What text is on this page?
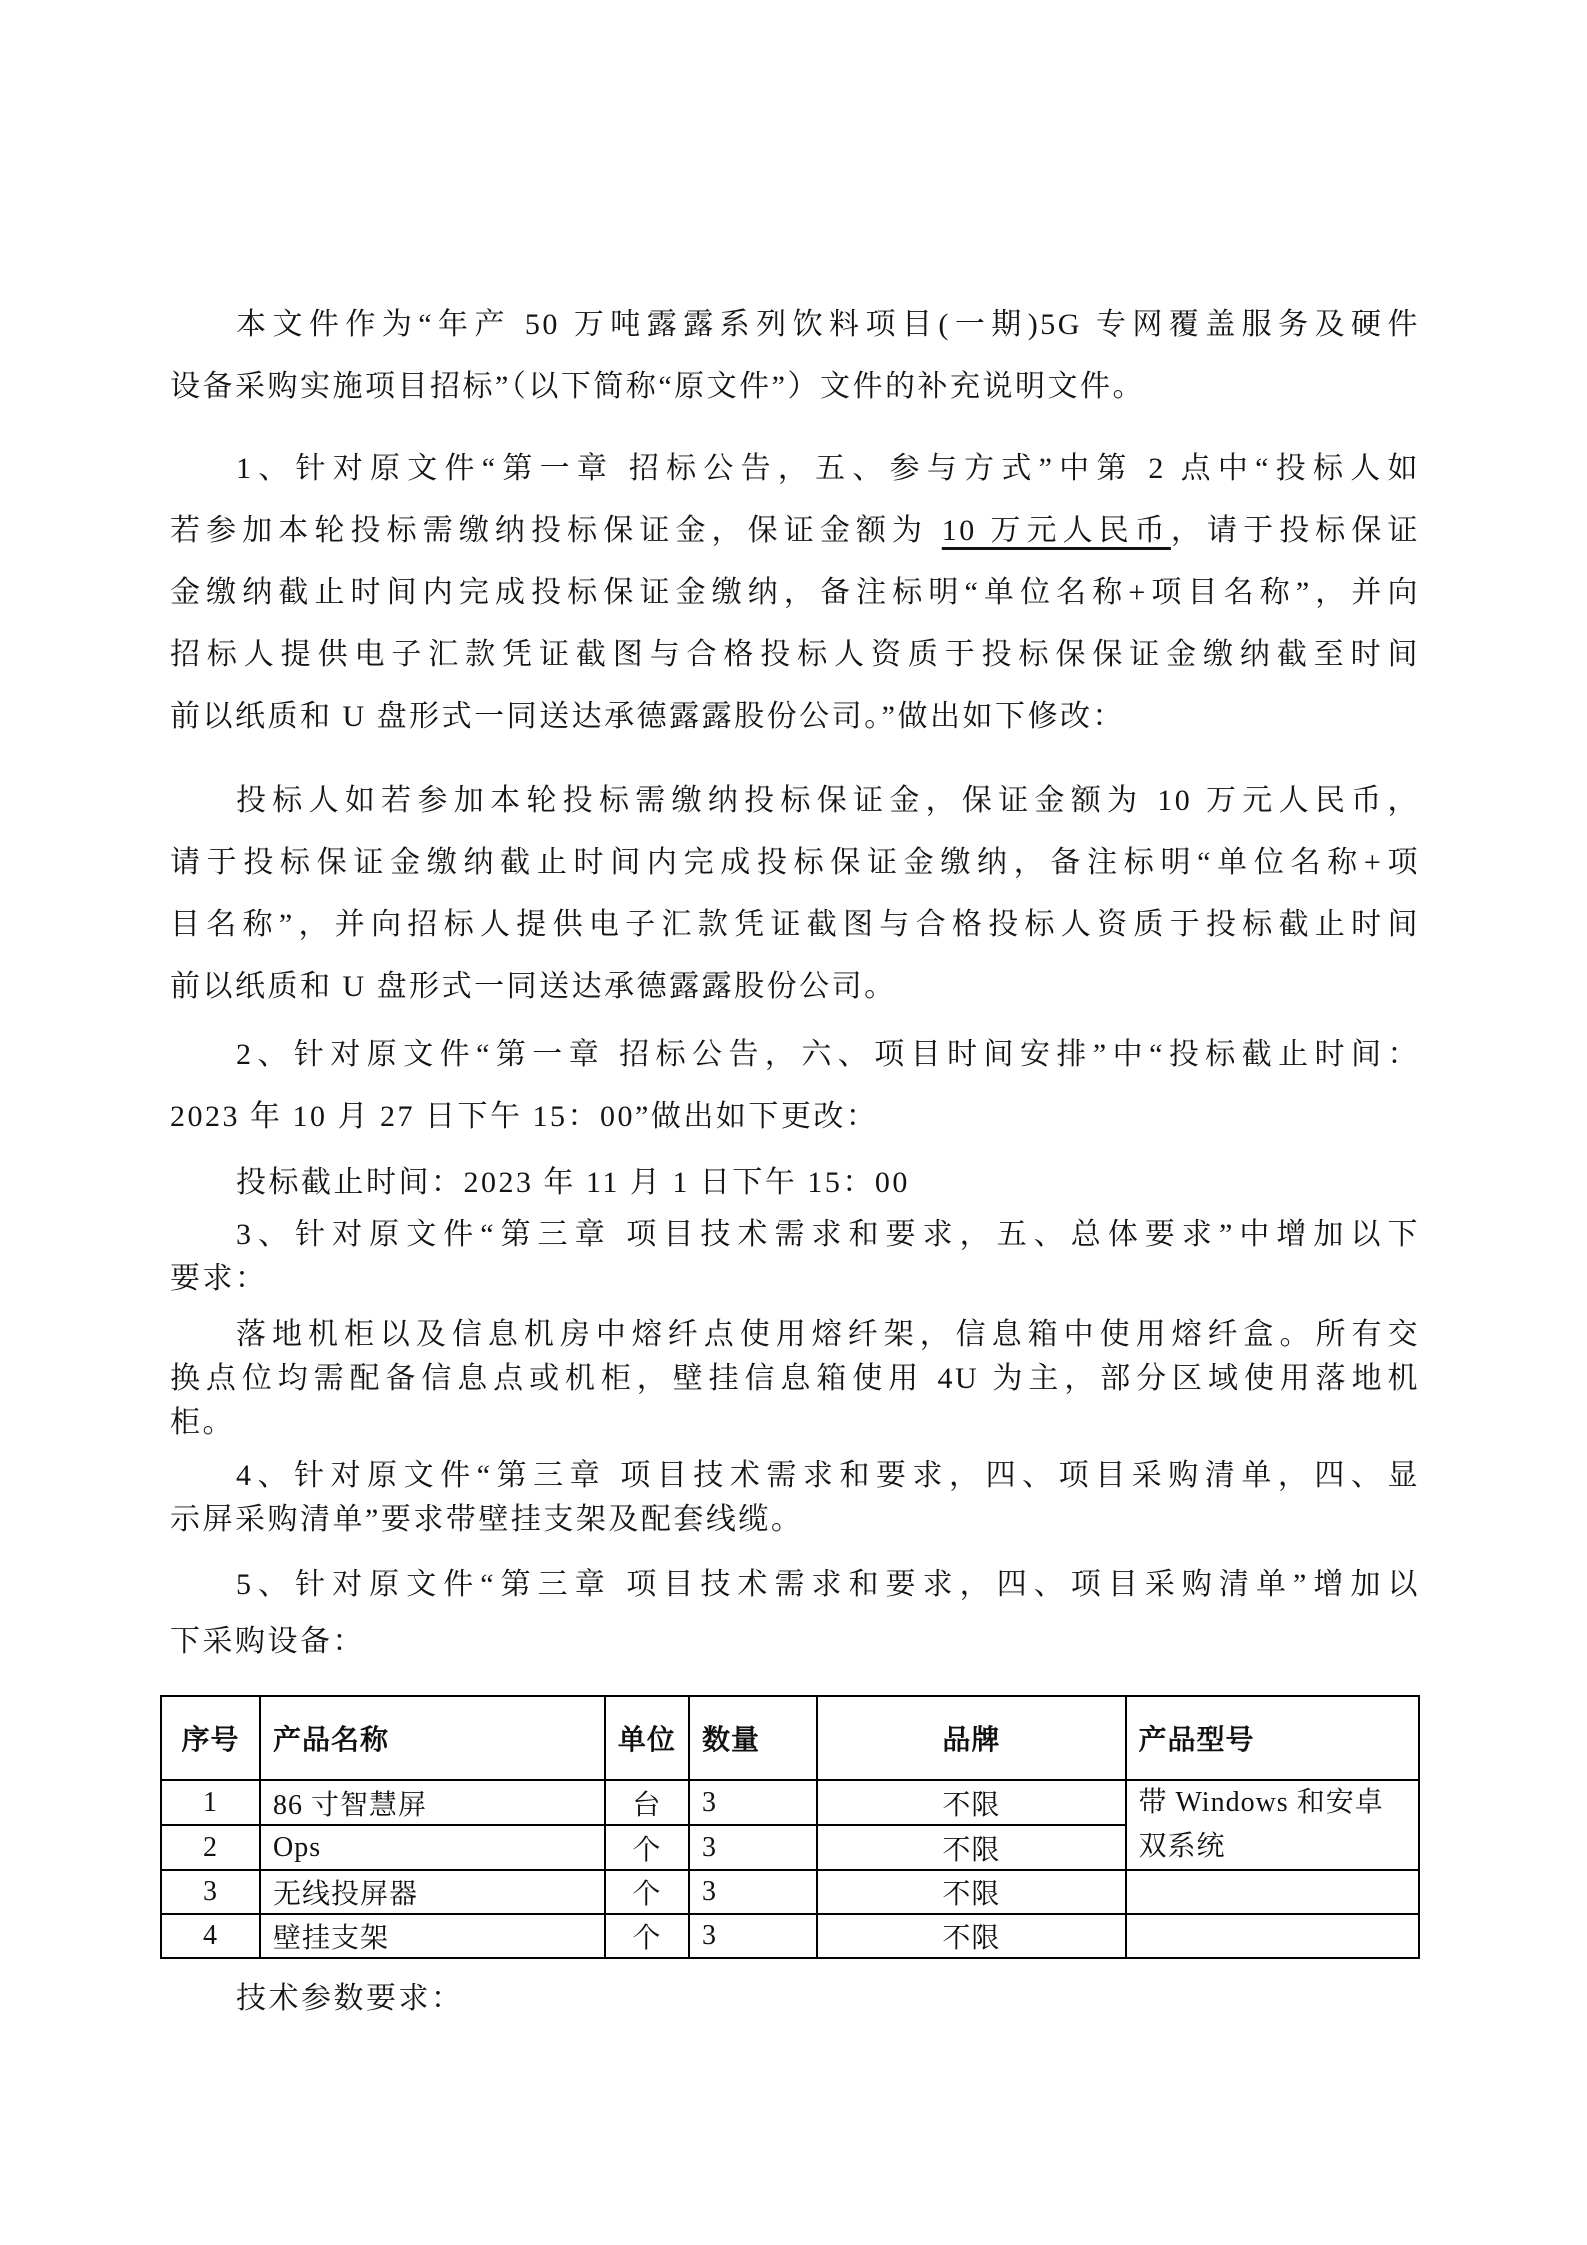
本文件作为“年产 50 万吨露露系列饮料项目(一期)5G 专网覆盖服务及硬件
设备采购实施项目招标”（以下简称“原文件”）文件的补充说明文件。
1、针对原文件“第一章 招标公告，五、参与方式”中第 2 点中“投标人如
若参加本轮投标需缴纳投标保证金，保证金额为 10 万元人民币，请于投标保证
金缴纳截止时间内完成投标保证金缴纳，备注标明“单位名称+项目名称”，并向
招标人提供电子汇款凭证截图与合格投标人资质于投标保保证金缴纳截至时间
前以纸质和 U 盘形式一同送达承德露露股份公司。”做出如下修改：
投标人如若参加本轮投标需缴纳投标保证金，保证金额为 10 万元人民币，
请于投标保证金缴纳截止时间内完成投标保证金缴纳，备注标明“单位名称+项
目名称”，并向招标人提供电子汇款凭证截图与合格投标人资质于投标截止时间
前以纸质和 U 盘形式一同送达承德露露股份公司。
2、针对原文件“第一章 招标公告，六、项目时间安排”中“投标截止时间：
2023 年 10 月 27 日下午 15：00”做出如下更改：
投标截止时间：2023 年 11 月 1 日下午 15：00
3、针对原文件“第三章 项目技术需求和要求，五、总体要求”中增加以下
要求：
落地机柜以及信息机房中熔纤点使用熔纤架，信息箱中使用熔纤盒。所有交
换点位均需配备信息点或机柜，壁挂信息箱使用 4U 为主，部分区域使用落地机
柜。
4、针对原文件“第三章 项目技术需求和要求，四、项目采购清单，四、显
示屏采购清单”要求带壁挂支架及配套线缆。
5、针对原文件“第三章 项目技术需求和要求，四、项目采购清单”增加以
下采购设备：
序号	产品名称	单位	数量	品牌	产品型号
1	86 寸智慧屏	台	3	不限	带 Windows 和安卓双系统
2	Ops	个	3	不限	
3	无线投屏器	个	3	不限	
4	壁挂支架	个	3	不限	
技术参数要求：
